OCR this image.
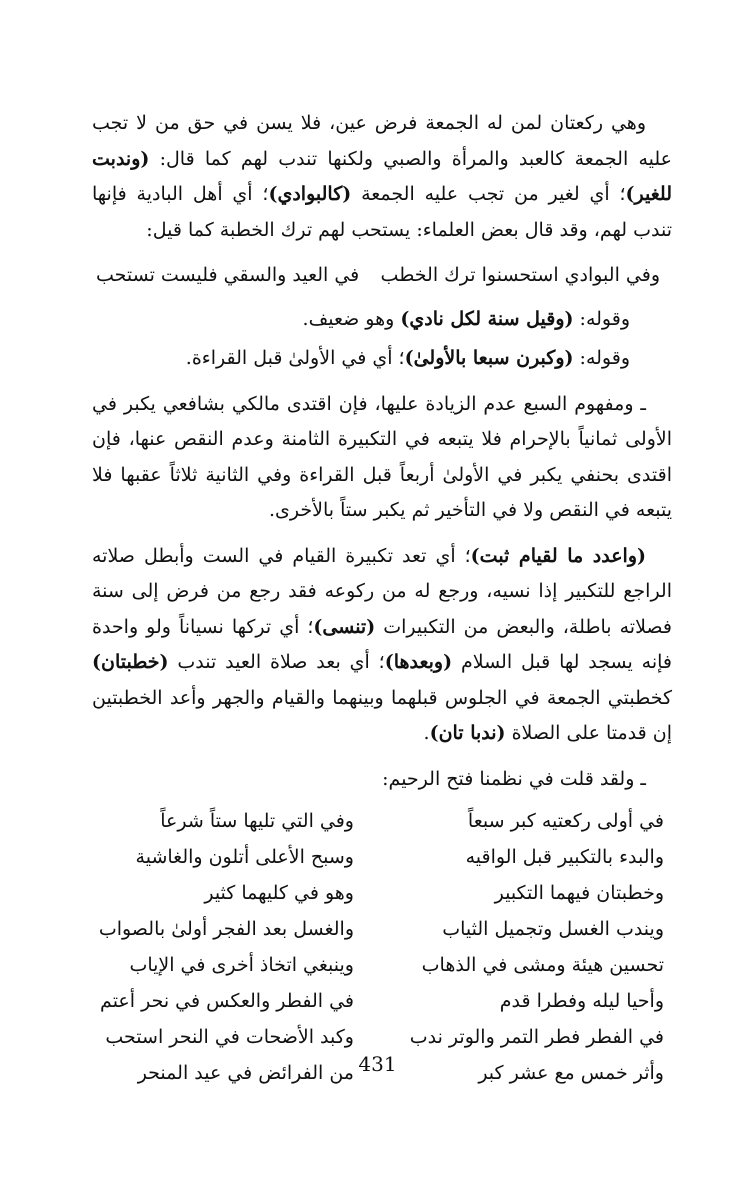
وهي ركعتان لمن له الجمعة فرض عين، فلا يسن في حق من لا تجب عليه الجمعة كالعبد والمرأة والصبي ولكنها تندب لهم كما قال: (وندبت للغير)؛ أي لغير من تجب عليه الجمعة (كالبوادي)؛ أي أهل البادية فإنها تندب لهم، وقد قال بعض العلماء: يستحب لهم ترك الخطبة كما قيل:

وفي البوادي استحسنوا ترك الخطب
في العيد والسقي فليست تستحب
وقوله: (وقيل سنة لكل نادي) وهو ضعيف.
وقوله: (وكبرن سبعا بالأولىٰ)؛ أي في الأولىٰ قبل القراءة.

ـ ومفهوم السبع عدم الزيادة عليها، فإن اقتدى مالكي بشافعي يكبر في الأولى ثمانياً بالإحرام فلا يتبعه في التكبيرة الثامنة وعدم النقص عنها، فإن اقتدى بحنفي يكبر في الأولىٰ أربعاً قبل القراءة وفي الثانية ثلاثاً عقبها فلا يتبعه في النقص ولا في التأخير ثم يكبر ستاً بالأخرى.

(واعدد ما لقيام ثبت)؛ أي تعد تكبيرة القيام في الست وأبطل صلاته الراجع للتكبير إذا نسيه، ورجع له من ركوعه فقد رجع من فرض إلى سنة فصلاته باطلة، والبعض من التكبيرات (تنسى)؛ أي تركها نسياناً ولو واحدة فإنه يسجد لها قبل السلام (وبعدها)؛ أي بعد صلاة العيد تندب (خطبتان) كخطبتي الجمعة في الجلوس قبلهما وبينهما والقيام والجهر وأعد الخطبتين إن قدمتا على الصلاة (ندبا تان).

ـ ولقد قلت في نظمنا فتح الرحيم:
في أولى ركعتيه كبر سبعاً
وفي التي تليها ستاً شرعاً
والبدء بالتكبير قبل الواقيه
وسبح الأعلى أتلون والغاشية
وخطبتان فيهما التكبير
وهو في كليهما كثير
ويندب الغسل وتجميل الثياب
والغسل بعد الفجر أولىٰ بالصواب
تحسين هيئة ومشى في الذهاب
وينبغي اتخاذ أخرى في الإياب
وأحيا ليله وفطرا قدم
في الفطر والعكس في نحر أعتم
في الفطر فطر التمر والوتر ندب
وكبد الأضحات في النحر استحب
وأثر خمس مع عشر كبر
من الفرائض في عيد المنحر 431
